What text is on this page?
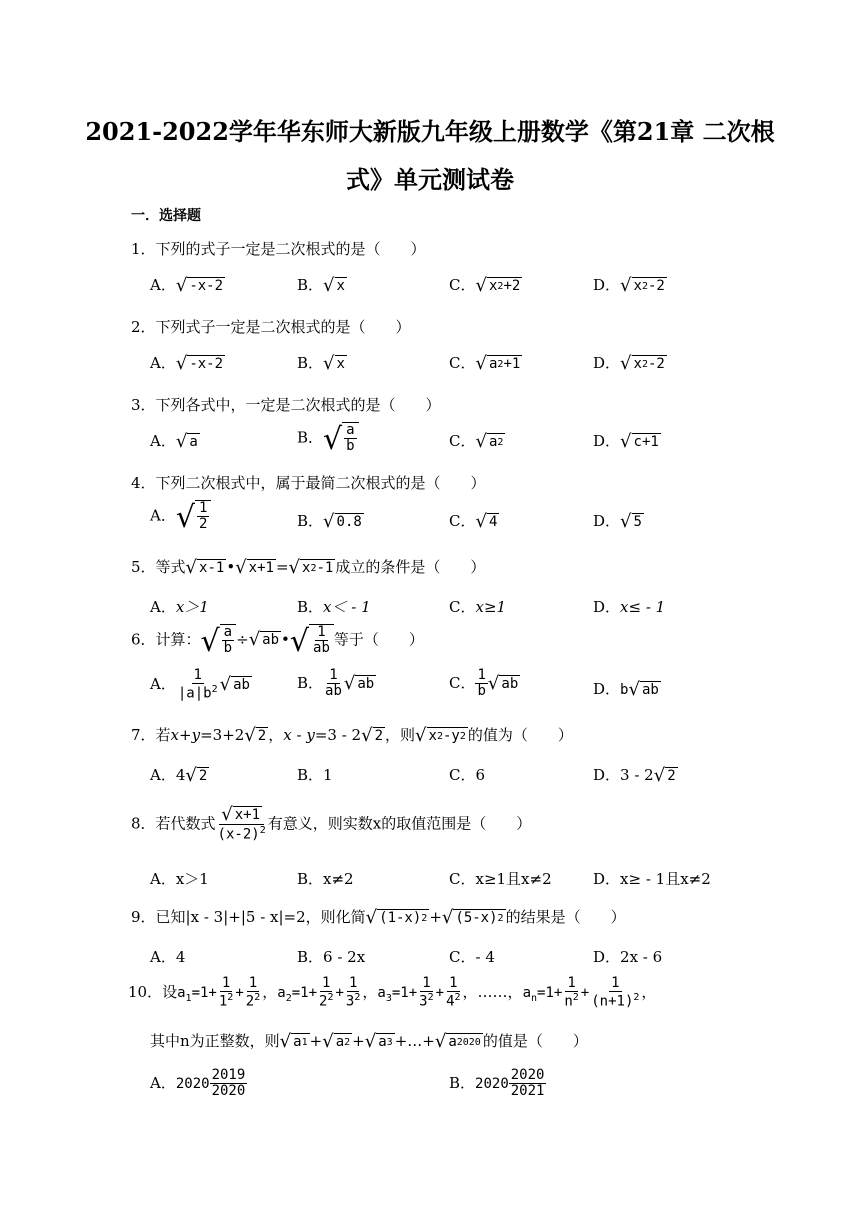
2021-2022学年华东师大新版九年级上册数学《第21章 二次根
式》单元测试卷
一．选择题
1．下列的式子一定是二次根式的是（　　）
A． √ -x-2	B． √ x	C． √ x 2 +2	D． √ x 2 -2
2．下列式子一定是二次根式的是（　　）
A． √ -x-2	B． √ x	C． √ a 2 +1	D． √ x 2 -2
3．下列各式中，一定是二次根式的是（　　）
A． √ a	B． √ $\frac{a}{b}$	C． √ a 2	D． √ c+1
4．下列二次根式中，属于最简二次根式的是（　　）
A． √ $\frac{1}{2}$	B． √ 0.8	C． √ 4	D． √ 5
5．等式 √ x-1 • √ x+1 = √ x 2 -1 成立的条件是（　　）
A．x＞1	B．x＜ - 1	C．x≥1	D．x≤ - 1
6．计算： √ $\frac{a}{b}$ ÷ √ ab • √ $\frac{1}{ab}$ 等于（　　）
A． $\frac{1}{|a|b^2}$ √ ab	B． $\frac{1}{ab}$ √ ab	C． $\frac{1}{b}$ √ ab	D．b √ ab
7．若x+y=3+2 √ 2 ，x - y=3 - 2 √ 2 ，则 √ x 2 -y 2 的值为（　　）
A．4 √ 2	B．1	C．6	D．3 - 2 √ 2
8．若代数式 $\frac{√ x+1}{(x-2)^2}$ 有意义，则实数x的取值范围是（　　）
A．x＞1	B．x≠2	C．x≥1且x≠2	D．x≥ - 1且x≠2
9．已知|x - 3|+|5 - x|=2，则化简 √ (1-x) 2 + √ (5-x) 2 的结果是（　　）
A．4	B．6 - 2x	C．- 4	D．2x - 6
10．设$a_1=1+ \frac{1}{1^2} + \frac{1}{2^2}$ ，$a_2=1+ \frac{1}{2^2} + \frac{1}{3^2}$ ，$a_3=1+ \frac{1}{3^2} + \frac{1}{4^2}$ ，……，$a_n=1+ \frac{1}{n^2} + \frac{1}{(n+1)^2}$ ，
其中n为正整数，则 √ a 1 + √ a 2 + √ a 3 +…+ √ a 2020 的值是（　　）
A．$2020 \frac{2019}{2020}$	B．$2020 \frac{2020}{2021}$
